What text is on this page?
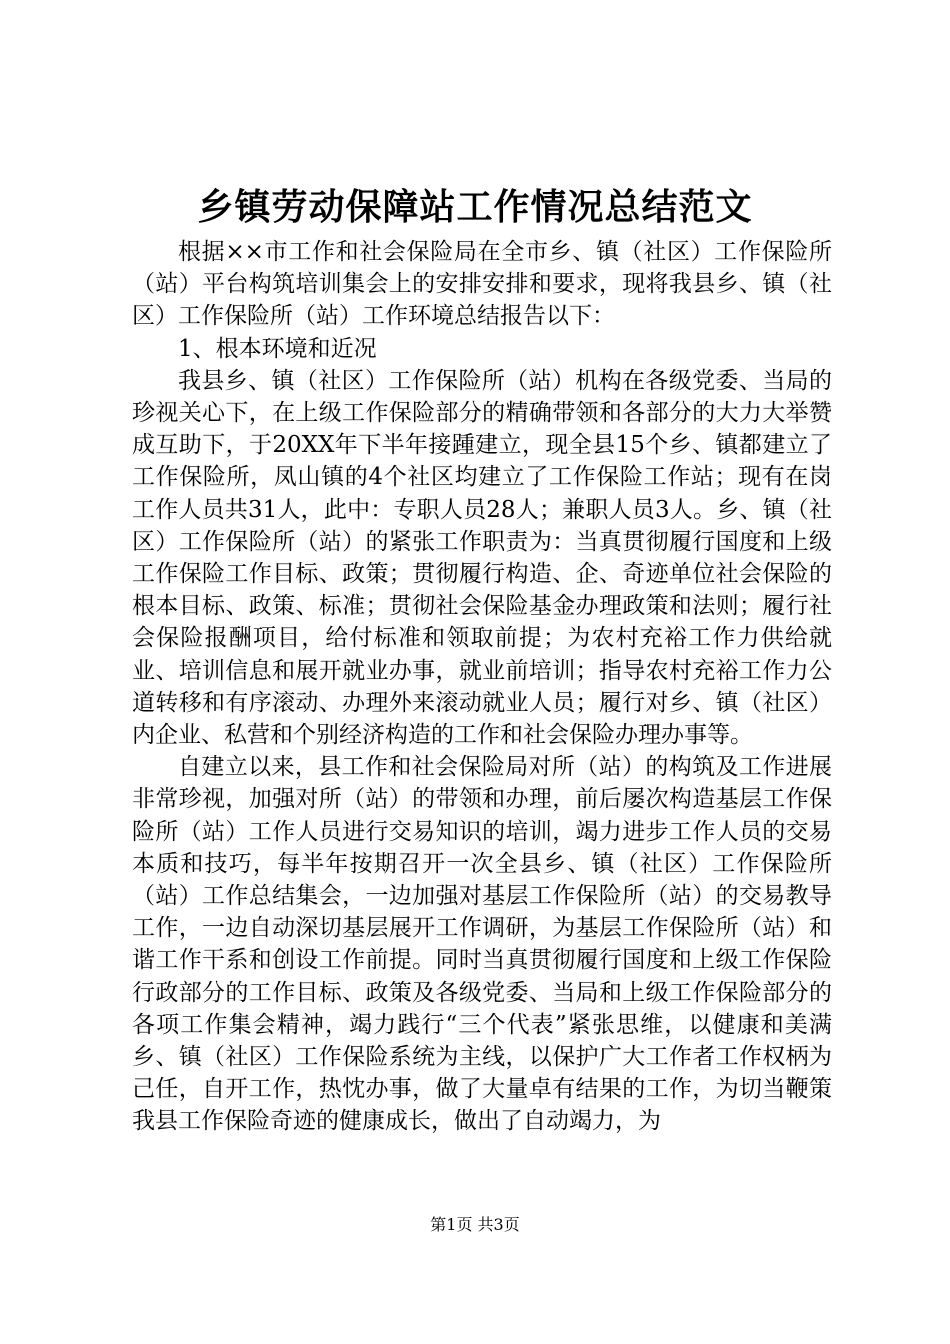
乡镇劳动保障站工作情况总结范文

根据××市工作和社会保险局在全市乡、镇（社区）工作保险所（站）平台构筑培训集会上的安排安排和要求，现将我县乡、镇（社区）工作保险所（站）工作环境总结报告以下：

1、根本环境和近况

我县乡、镇（社区）工作保险所（站）机构在各级党委、当局的珍视关心下，在上级工作保险部分的精确带领和各部分的大力大举赞成互助下，于20XX年下半年接踵建立，现全县15个乡、镇都建立了工作保险所，凤山镇的4个社区均建立了工作保险工作站；现有在岗工作人员共31人，此中：专职人员28人；兼职人员3人。乡、镇（社区）工作保险所（站）的紧张工作职责为：当真贯彻履行国度和上级工作保险工作目标、政策；贯彻履行构造、企、奇迹单位社会保险的根本目标、政策、标准；贯彻社会保险基金办理政策和法则；履行社会保险报酬项目，给付标准和领取前提；为农村充裕工作力供给就业、培训信息和展开就业办事，就业前培训；指导农村充裕工作力公道转移和有序滚动、办理外来滚动就业人员；履行对乡、镇（社区）内企业、私营和个别经济构造的工作和社会保险办理办事等。

自建立以来，县工作和社会保险局对所（站）的构筑及工作进展非常珍视，加强对所（站）的带领和办理，前后屡次构造基层工作保险所（站）工作人员进行交易知识的培训，竭力进步工作人员的交易本质和技巧，每半年按期召开一次全县乡、镇（社区）工作保险所（站）工作总结集会，一边加强对基层工作保险所（站）的交易教导工作，一边自动深切基层展开工作调研，为基层工作保险所（站）和谐工作干系和创设工作前提。同时当真贯彻履行国度和上级工作保险行政部分的工作目标、政策及各级党委、当局和上级工作保险部分的各项工作集会精神，竭力践行“三个代表”紧张思维，以健康和美满乡、镇（社区）工作保险系统为主线，以保护广大工作者工作权柄为己任，自开工作，热忱办事，做了大量卓有结果的工作，为切当鞭策我县工作保险奇迹的健康成长，做出了自动竭力，为

第1页 共3页
